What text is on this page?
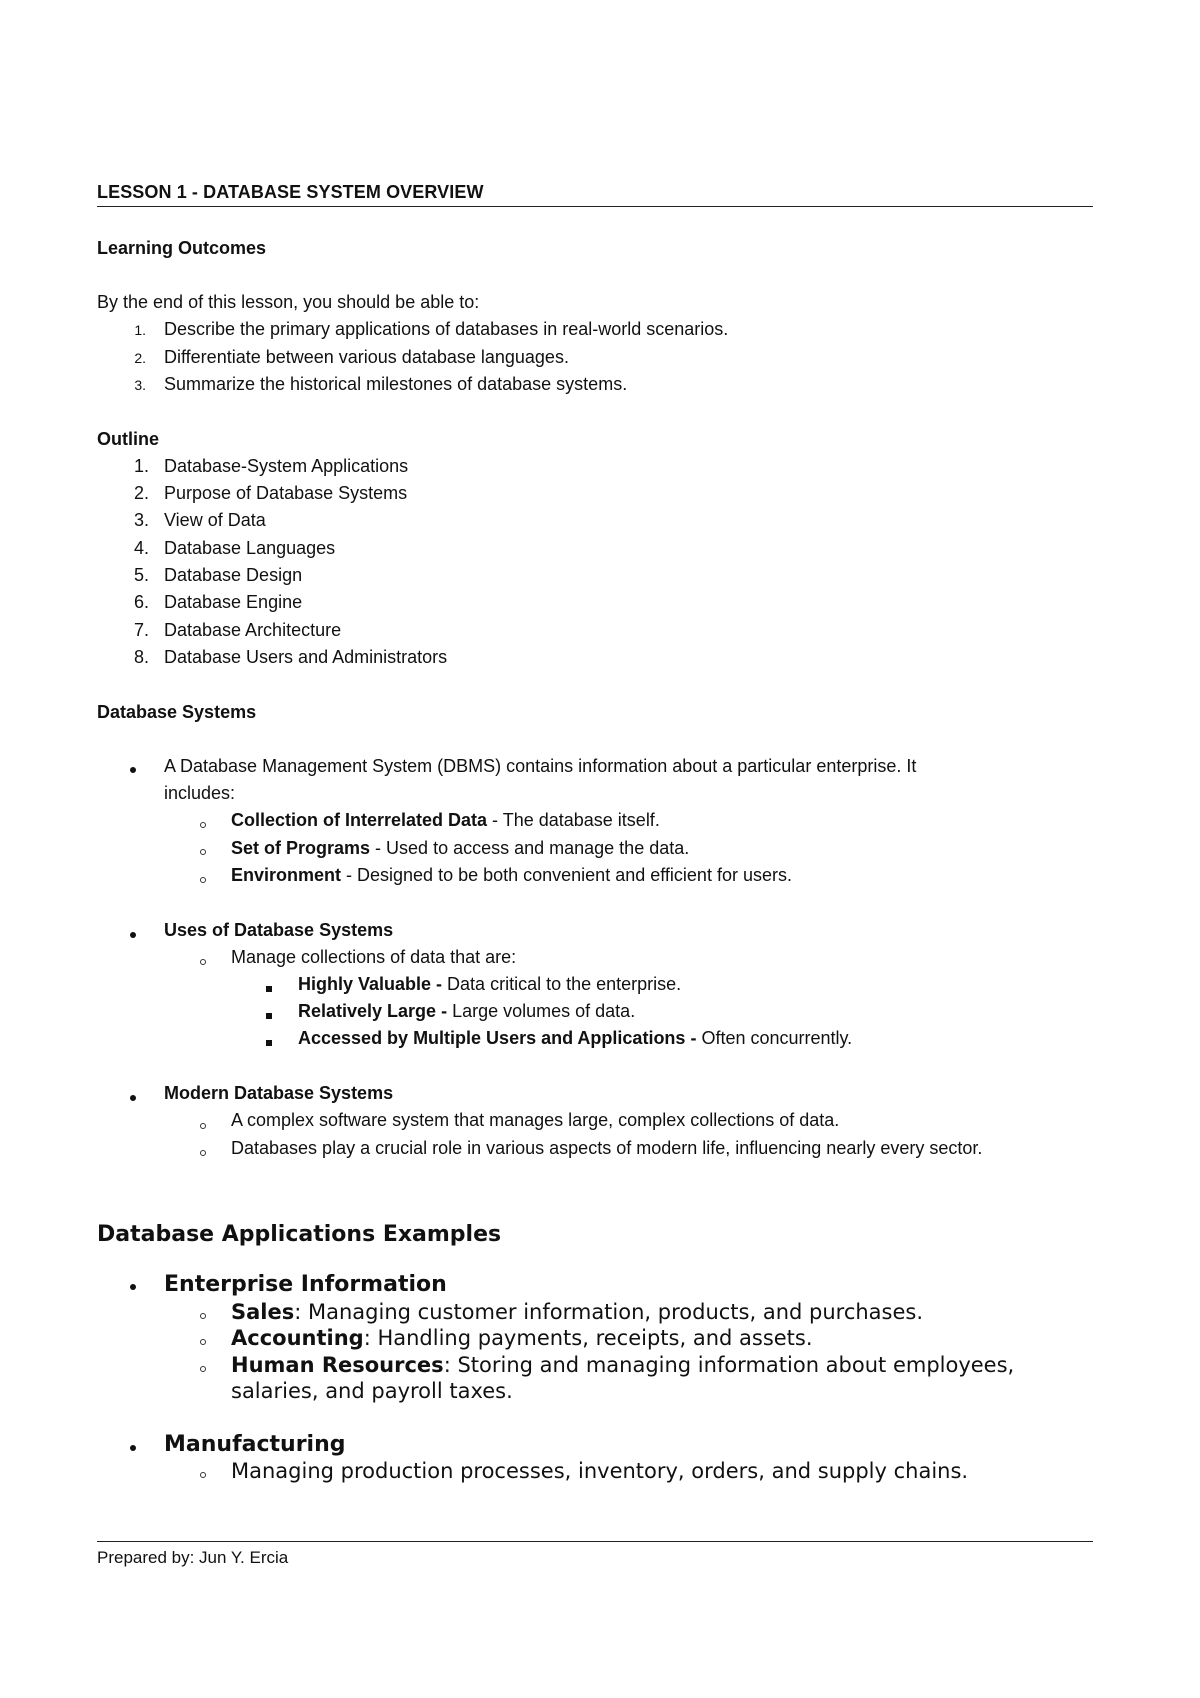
LESSON 1 - DATABASE SYSTEM OVERVIEW
Learning Outcomes
By the end of this lesson, you should be able to:
1. Describe the primary applications of databases in real-world scenarios.
2. Differentiate between various database languages.
3. Summarize the historical milestones of database systems.
Outline
1. Database-System Applications
2. Purpose of Database Systems
3. View of Data
4. Database Languages
5. Database Design
6. Database Engine
7. Database Architecture
8. Database Users and Administrators
Database Systems
A Database Management System (DBMS) contains information about a particular enterprise. It
includes:
Collection of Interrelated Data - The database itself.
Set of Programs - Used to access and manage the data.
Environment - Designed to be both convenient and efficient for users.
Uses of Database Systems
Manage collections of data that are:
Highly Valuable - Data critical to the enterprise.
Relatively Large - Large volumes of data.
Accessed by Multiple Users and Applications - Often concurrently.
Modern Database Systems
A complex software system that manages large, complex collections of data.
Databases play a crucial role in various aspects of modern life, influencing nearly every sector.
Database Applications Examples
Enterprise Information
Sales: Managing customer information, products, and purchases.
Accounting: Handling payments, receipts, and assets.
Human Resources: Storing and managing information about employees,
salaries, and payroll taxes.
Manufacturing
Managing production processes, inventory, orders, and supply chains.
Prepared by: Jun Y. Ercia
